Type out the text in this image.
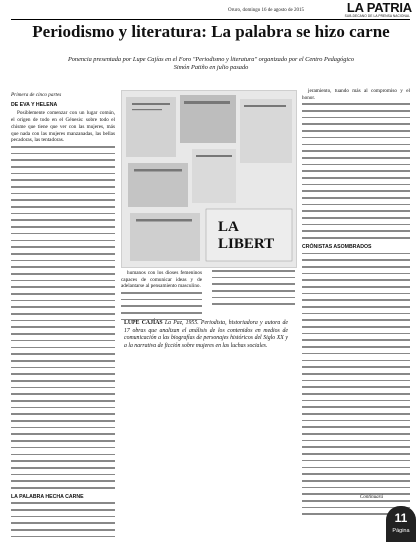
Oruro, domingo 16 de agosto de 2015	LA PATRIA
SUB-DECANO DE LA PRENSA NACIONAL
Periodismo y literatura: La palabra se hizo carne
Ponencia presentada por Lupe Cajías en el Foro "Periodismo y literatura" organizado por el Centro Pedagógico Simón Patiño en julio pasado

Primera de cinco partes

DE EVA Y HELENA

Posiblemente comenzar con un lugar común, el origen de todo en el Génesis: sobre todo el chisme que tiene que ver con las mujeres, más que nada con las mujeres manzanadas, las bellas pecadoras, las tentadoras.

LA PALABRA HECHA CARNE
LA LIBERT

humanos con los dioses femeninos capaces de comunicar ideas y de adelantarse al pensamiento masculino.

LUPE CAJÍAS La Paz, 1955. Periodista, historiadora y autora de 17 obras que analizan el análisis de los contenidos en medios de comunicación a las biografías de personajes históricos del Siglo XX y a la narrativa de ficción sobre mujeres en las luchas sociales.

jeramiento, tuando más al compromiso y el honor.

CRÓNISTAS ASOMBRADOS
Continuará
11
Página
